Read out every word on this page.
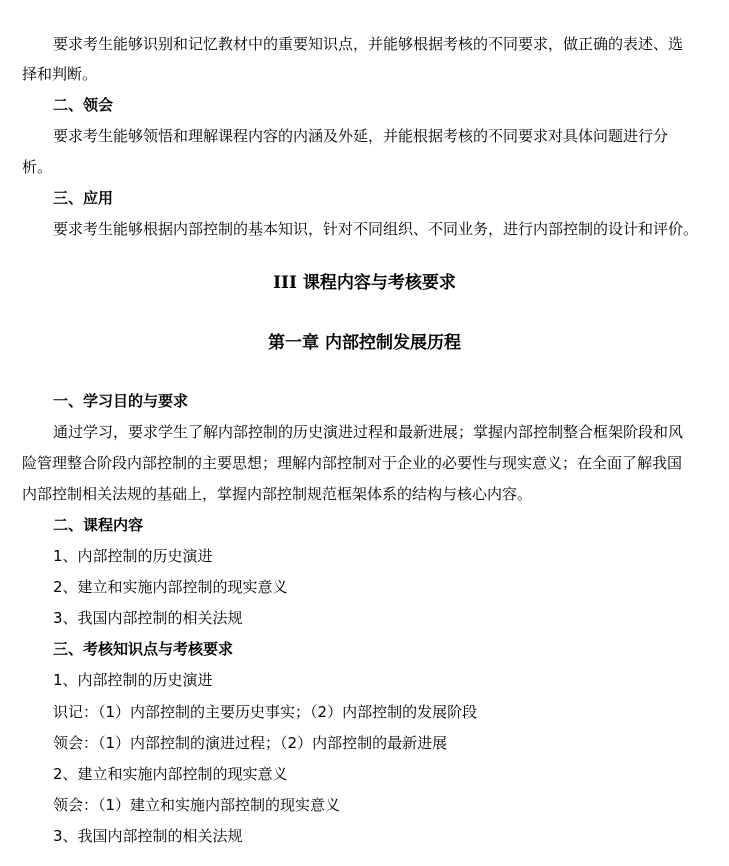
要求考生能够识别和记忆教材中的重要知识点，并能够根据考核的不同要求，做正确的表述、选
择和判断。
二、领会
要求考生能够领悟和理解课程内容的内涵及外延，并能根据考核的不同要求对具体问题进行分
析。
三、应用
要求考生能够根据内部控制的基本知识，针对不同组织、不同业务，进行内部控制的设计和评价。
III 课程内容与考核要求
第一章 内部控制发展历程
一、学习目的与要求
通过学习，要求学生了解内部控制的历史演进过程和最新进展；掌握内部控制整合框架阶段和风
险管理整合阶段内部控制的主要思想；理解内部控制对于企业的必要性与现实意义；在全面了解我国
内部控制相关法规的基础上，掌握内部控制规范框架体系的结构与核心内容。
二、课程内容
1、内部控制的历史演进
2、建立和实施内部控制的现实意义
3、我国内部控制的相关法规
三、考核知识点与考核要求
1、内部控制的历史演进
识记：（1）内部控制的主要历史事实；（2）内部控制的发展阶段
领会：（1）内部控制的演进过程；（2）内部控制的最新进展
2、建立和实施内部控制的现实意义
领会：（1）建立和实施内部控制的现实意义
3、我国内部控制的相关法规
